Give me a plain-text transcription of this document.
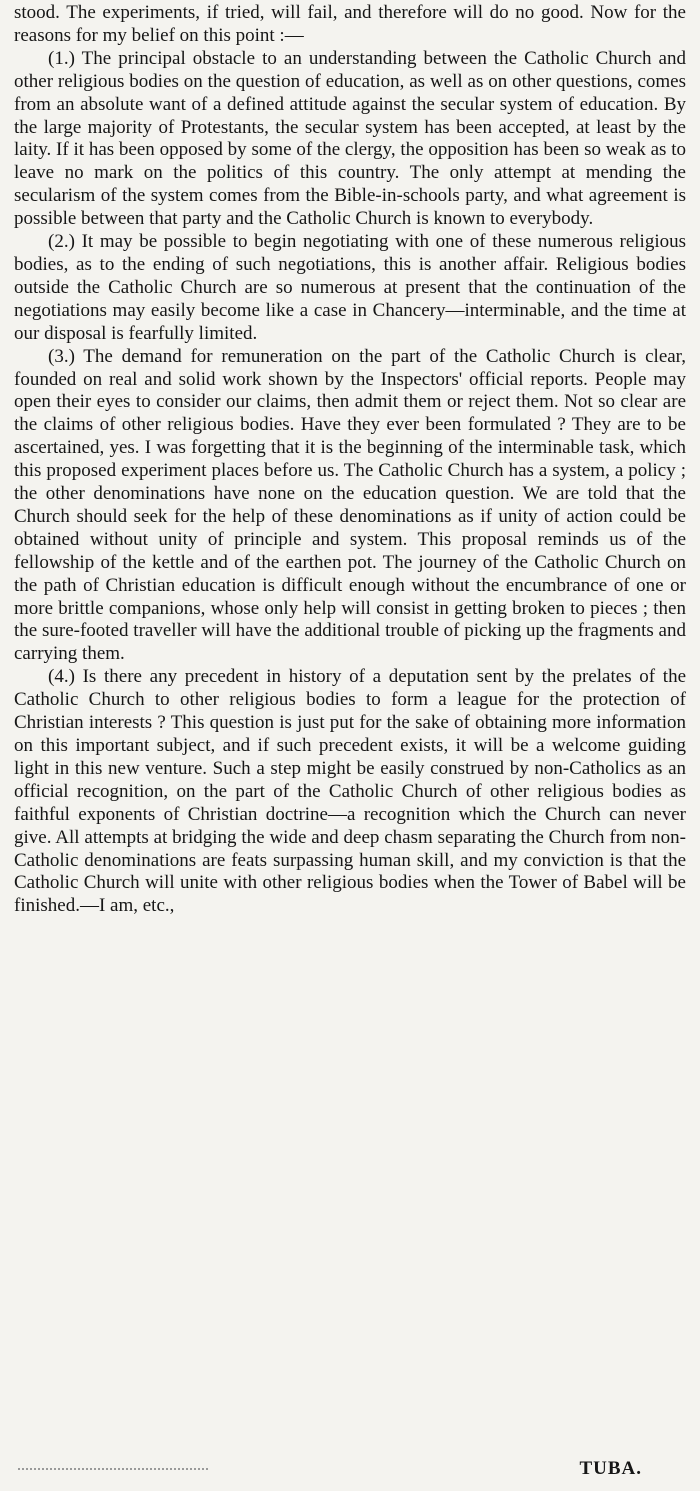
stood. The experiments, if tried, will fail, and therefore will do no good. Now for the reasons for my belief on this point :—

(1.) The principal obstacle to an understanding between the Catholic Church and other religious bodies on the question of education, as well as on other questions, comes from an absolute want of a defined attitude against the secular system of education. By the large majority of Protestants, the secular system has been accepted, at least by the laity. If it has been opposed by some of the clergy, the opposition has been so weak as to leave no mark on the politics of this country. The only attempt at mending the secularism of the system comes from the Bible-in-schools party, and what agreement is possible between that party and the Catholic Church is known to everybody.

(2.) It may be possible to begin negotiating with one of these numerous religious bodies, as to the ending of such negotiations, this is another affair. Religious bodies outside the Catholic Church are so numerous at present that the continuation of the negotiations may easily become like a case in Chancery—interminable, and the time at our disposal is fearfully limited.

(3.) The demand for remuneration on the part of the Catholic Church is clear, founded on real and solid work shown by the Inspectors' official reports. People may open their eyes to consider our claims, then admit them or reject them. Not so clear are the claims of other religious bodies. Have they ever been formulated ? They are to be ascertained, yes. I was forgetting that it is the beginning of the interminable task, which this proposed experiment places before us. The Catholic Church has a system, a policy ; the other denominations have none on the education question. We are told that the Church should seek for the help of these denominations as if unity of action could be obtained without unity of principle and system. This proposal reminds us of the fellowship of the kettle and of the earthen pot. The journey of the Catholic Church on the path of Christian education is difficult enough without the encumbrance of one or more brittle companions, whose only help will consist in getting broken to pieces ; then the sure-footed traveller will have the additional trouble of picking up the fragments and carrying them.

(4.) Is there any precedent in history of a deputation sent by the prelates of the Catholic Church to other religious bodies to form a league for the protection of Christian interests ? This question is just put for the sake of obtaining more information on this important subject, and if such precedent exists, it will be a welcome guiding light in this new venture. Such a step might be easily construed by non-Catholics as an official recognition, on the part of the Catholic Church of other religious bodies as faithful exponents of Christian doctrine—a recognition which the Church can never give. All attempts at bridging the wide and deep chasm separating the Church from non-Catholic denominations are feats surpassing human skill, and my conviction is that the Catholic Church will unite with other religious bodies when the Tower of Babel will be finished.—I am, etc.,

TUBA.
